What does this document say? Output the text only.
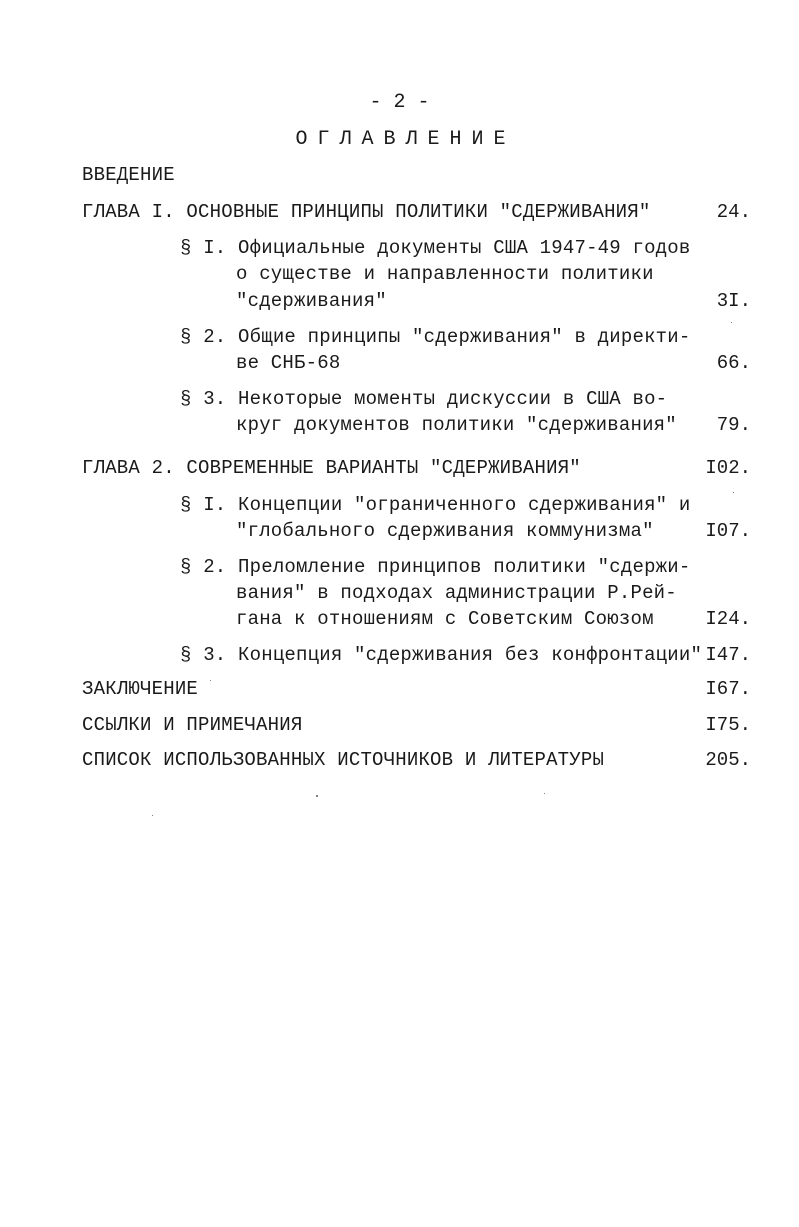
- 2 -
ОГЛАВЛЕНИЕ
ВВЕДЕНИЕ
ГЛАВА I. ОСНОВНЫЕ ПРИНЦИПЫ ПОЛИТИКИ "СДЕРЖИВАНИЯ"	24.
§ I. Официальные документы США 1947-49 годов
о существе и направленности политики
"сдерживания"	3I.
§ 2. Общие принципы "сдерживания" в директи-
ве СНБ-68	66.
§ 3. Некоторые моменты дискуссии в США во-
круг документов политики "сдерживания" 79.
ГЛАВА 2. СОВРЕМЕННЫЕ ВАРИАНТЫ "СДЕРЖИВАНИЯ"	I02.
§ I. Концепции "ограниченного сдерживания" и
"глобального сдерживания коммунизма"	I07.
§ 2. Преломление принципов политики "сдержи-
вания" в подходах администрации Р.Рей-
гана к отношениям с Советским Союзом	I24.
§ 3. Концепция "сдерживания без конфронтации" I47.
ЗАКЛЮЧЕНИЕ	I67.
ССЫЛКИ И ПРИМЕЧАНИЯ	I75.
СПИСОК ИСПОЛЬЗОВАННЫХ ИСТОЧНИКОВ И ЛИТЕРАТУРЫ	205.
